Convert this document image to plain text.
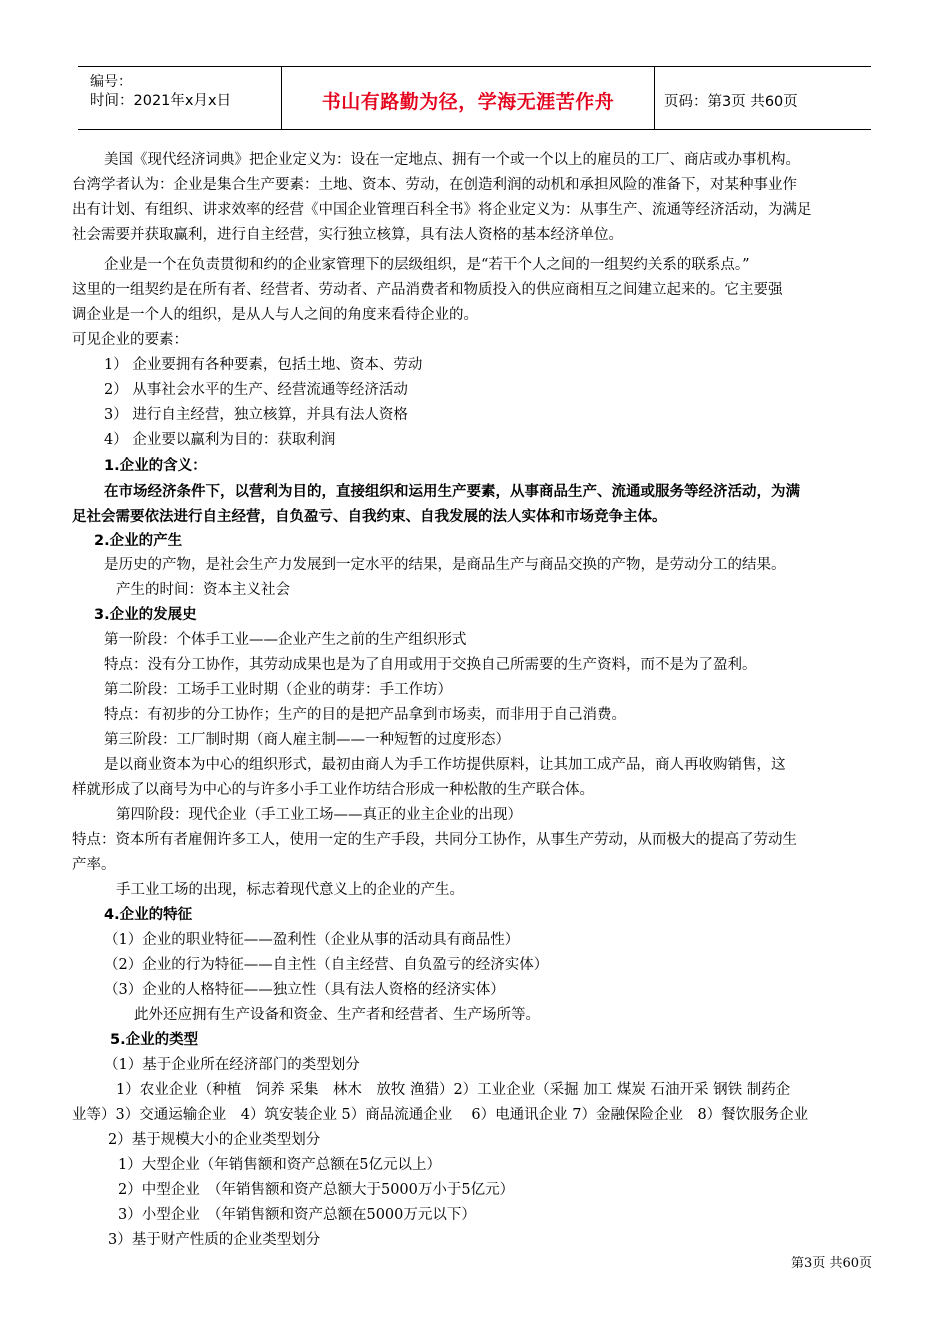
编号：
时间：2021年x月x日	书山有路勤为径，学海无涯苦作舟	页码：第3页 共60页
美国《现代经济词典》把企业定义为：设在一定地点、拥有一个或一个以上的雇员的工厂、商店或办事机构。
台湾学者认为：企业是集合生产要素：土地、资本、劳动，在创造利润的动机和承担风险的准备下，对某种事业作
出有计划、有组织、讲求效率的经营《中国企业管理百科全书》将企业定义为：从事生产、流通等经济活动，为满足
社会需要并获取赢利，进行自主经营，实行独立核算，具有法人资格的基本经济单位。
企业是一个在负责贯彻和约的企业家管理下的层级组织，是“若干个人之间的一组契约关系的联系点。”
这里的一组契约是在所有者、经营者、劳动者、产品消费者和物质投入的供应商相互之间建立起来的。它主要强
调企业是一个人的组织，是从人与人之间的角度来看待企业的。
可见企业的要素：
1） 企业要拥有各种要素，包括土地、资本、劳动
2） 从事社会水平的生产、经营流通等经济活动
3） 进行自主经营，独立核算，并具有法人资格
4） 企业要以赢利为目的：获取利润
1.企业的含义：
在市场经济条件下，以营利为目的，直接组织和运用生产要素，从事商品生产、流通或服务等经济活动，为满
足社会需要依法进行自主经营，自负盈亏、自我约束、自我发展的法人实体和市场竞争主体。
2.企业的产生
是历史的产物，是社会生产力发展到一定水平的结果，是商品生产与商品交换的产物，是劳动分工的结果。
产生的时间：资本主义社会
3.企业的发展史
第一阶段：个体手工业——企业产生之前的生产组织形式
特点：没有分工协作，其劳动成果也是为了自用或用于交换自己所需要的生产资料，而不是为了盈利。
第二阶段：工场手工业时期（企业的萌芽：手工作坊）
特点：有初步的分工协作；生产的目的是把产品拿到市场卖，而非用于自己消费。
第三阶段：工厂制时期（商人雇主制——一种短暂的过度形态）
是以商业资本为中心的组织形式，最初由商人为手工作坊提供原料，让其加工成产品，商人再收购销售，这
样就形成了以商号为中心的与许多小手工业作坊结合形成一种松散的生产联合体。
第四阶段：现代企业（手工业工场——真正的业主企业的出现）
特点：资本所有者雇佣许多工人，使用一定的生产手段，共同分工协作，从事生产劳动，从而极大的提高了劳动生
产率。
手工业工场的出现，标志着现代意义上的企业的产生。
4.企业的特征
（1）企业的职业特征——盈利性（企业从事的活动具有商品性）
（2）企业的行为特征——自主性（自主经营、自负盈亏的经济实体）
（3）企业的人格特征——独立性（具有法人资格的经济实体）
此外还应拥有生产设备和资金、生产者和经营者、生产场所等。
5.企业的类型
（1）基于企业所在经济部门的类型划分
1）农业企业（种植　饲养 采集　林木　放牧 渔猎）2）工业企业（采掘 加工 煤炭 石油开采 钢铁 制药企
业等）3）交通运输企业　4）筑安装企业 5）商品流通企业　 6）电通讯企业 7）金融保险企业　8）餐饮服务企业
2）基于规模大小的企业类型划分
1）大型企业（年销售额和资产总额在5亿元以上）
2）中型企业　（年销售额和资产总额大于5000万小于5亿元）
3）小型企业　（年销售额和资产总额在5000万元以下）
3）基于财产性质的企业类型划分
第3页 共60页
